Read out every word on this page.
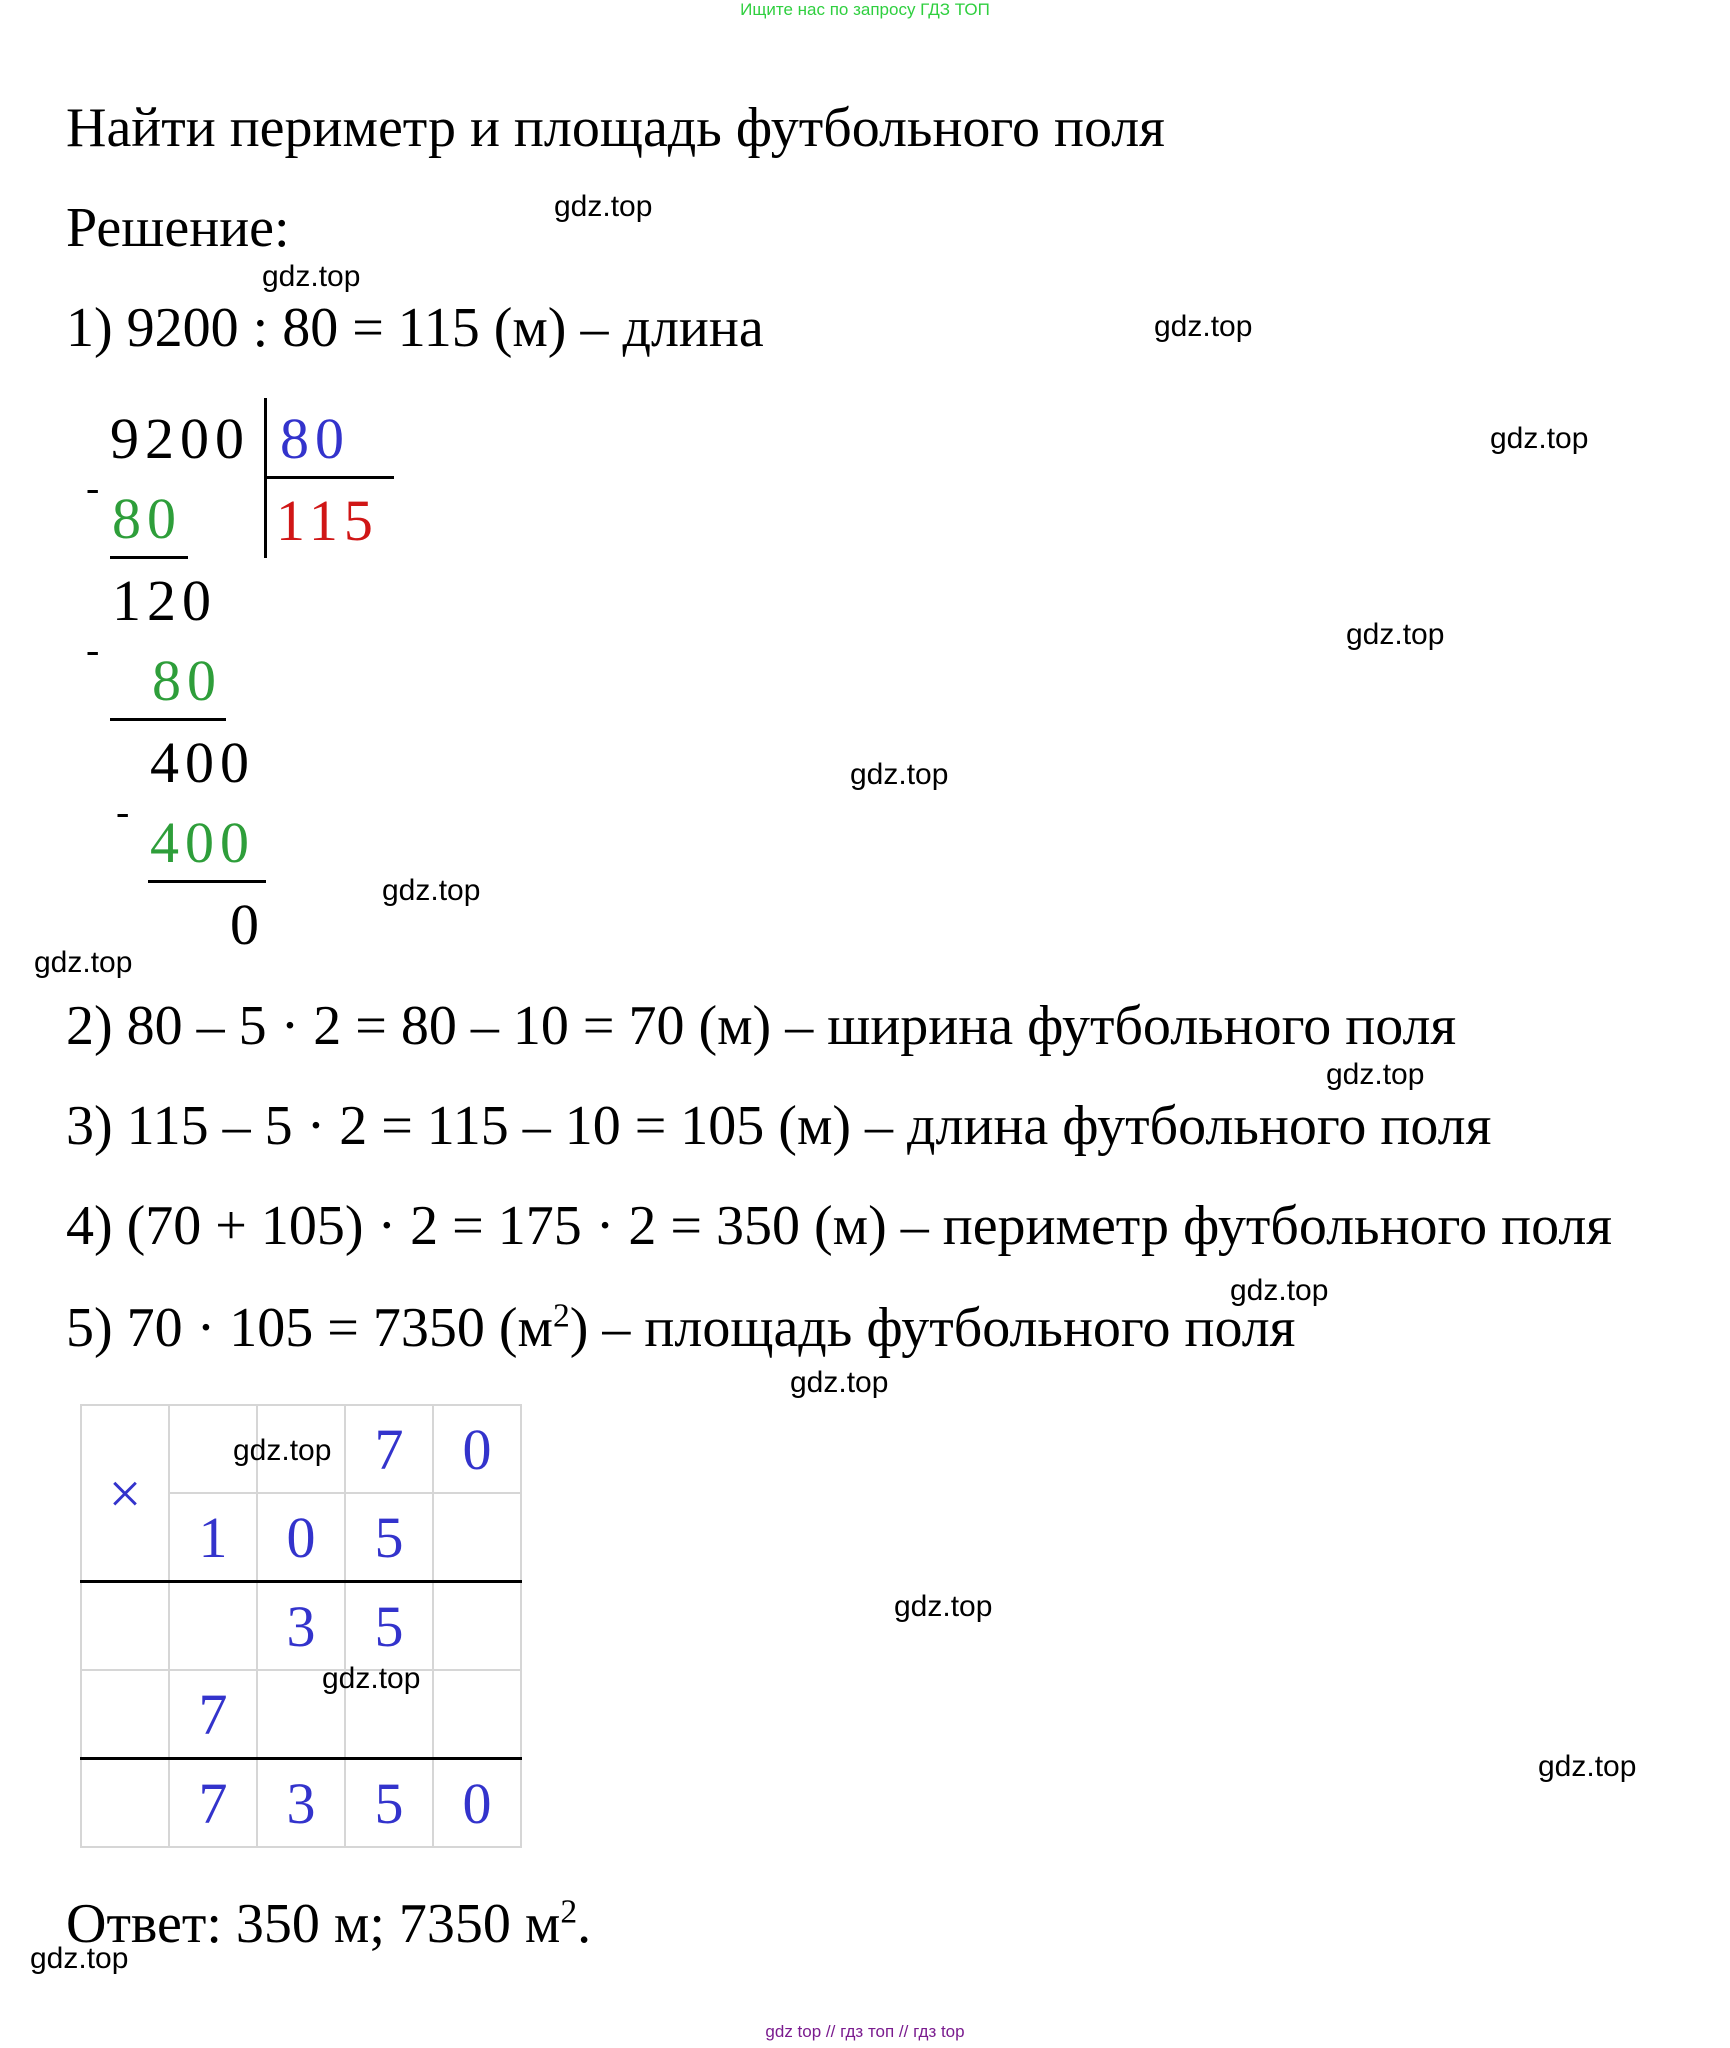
Ищите нас по запросу ГДЗ ТОП
Найти периметр и площадь футбольного поля
Решение:
1) 9200 : 80 = 115 (м) – длина
9200 80
115
- 80
120
- 80
400
- 400
0
2) 80 – 5 · 2 = 80 – 10 = 70 (м) – ширина футбольного поля
3) 115 – 5 · 2 = 115 – 10 = 105 (м) – длина футбольного поля
4) (70 + 105) · 2 = 175 · 2 = 350 (м) – периметр футбольного поля
5) 70 · 105 = 7350 $(м^2)$ – площадь футбольного поля
×			7	0
	1	0	5	
		3	5	
	7			
	7	3	5	0
Ответ: 350 м; 7350 $м^2$.
gdz.top
gdz.top
gdz.top
gdz.top
gdz.top
gdz.top
gdz.top
gdz.top
gdz.top
gdz.top
gdz.top
gdz.top
gdz.top
gdz.top
gdz.top
gdz.top
gdz top // гдз топ // гдз top
